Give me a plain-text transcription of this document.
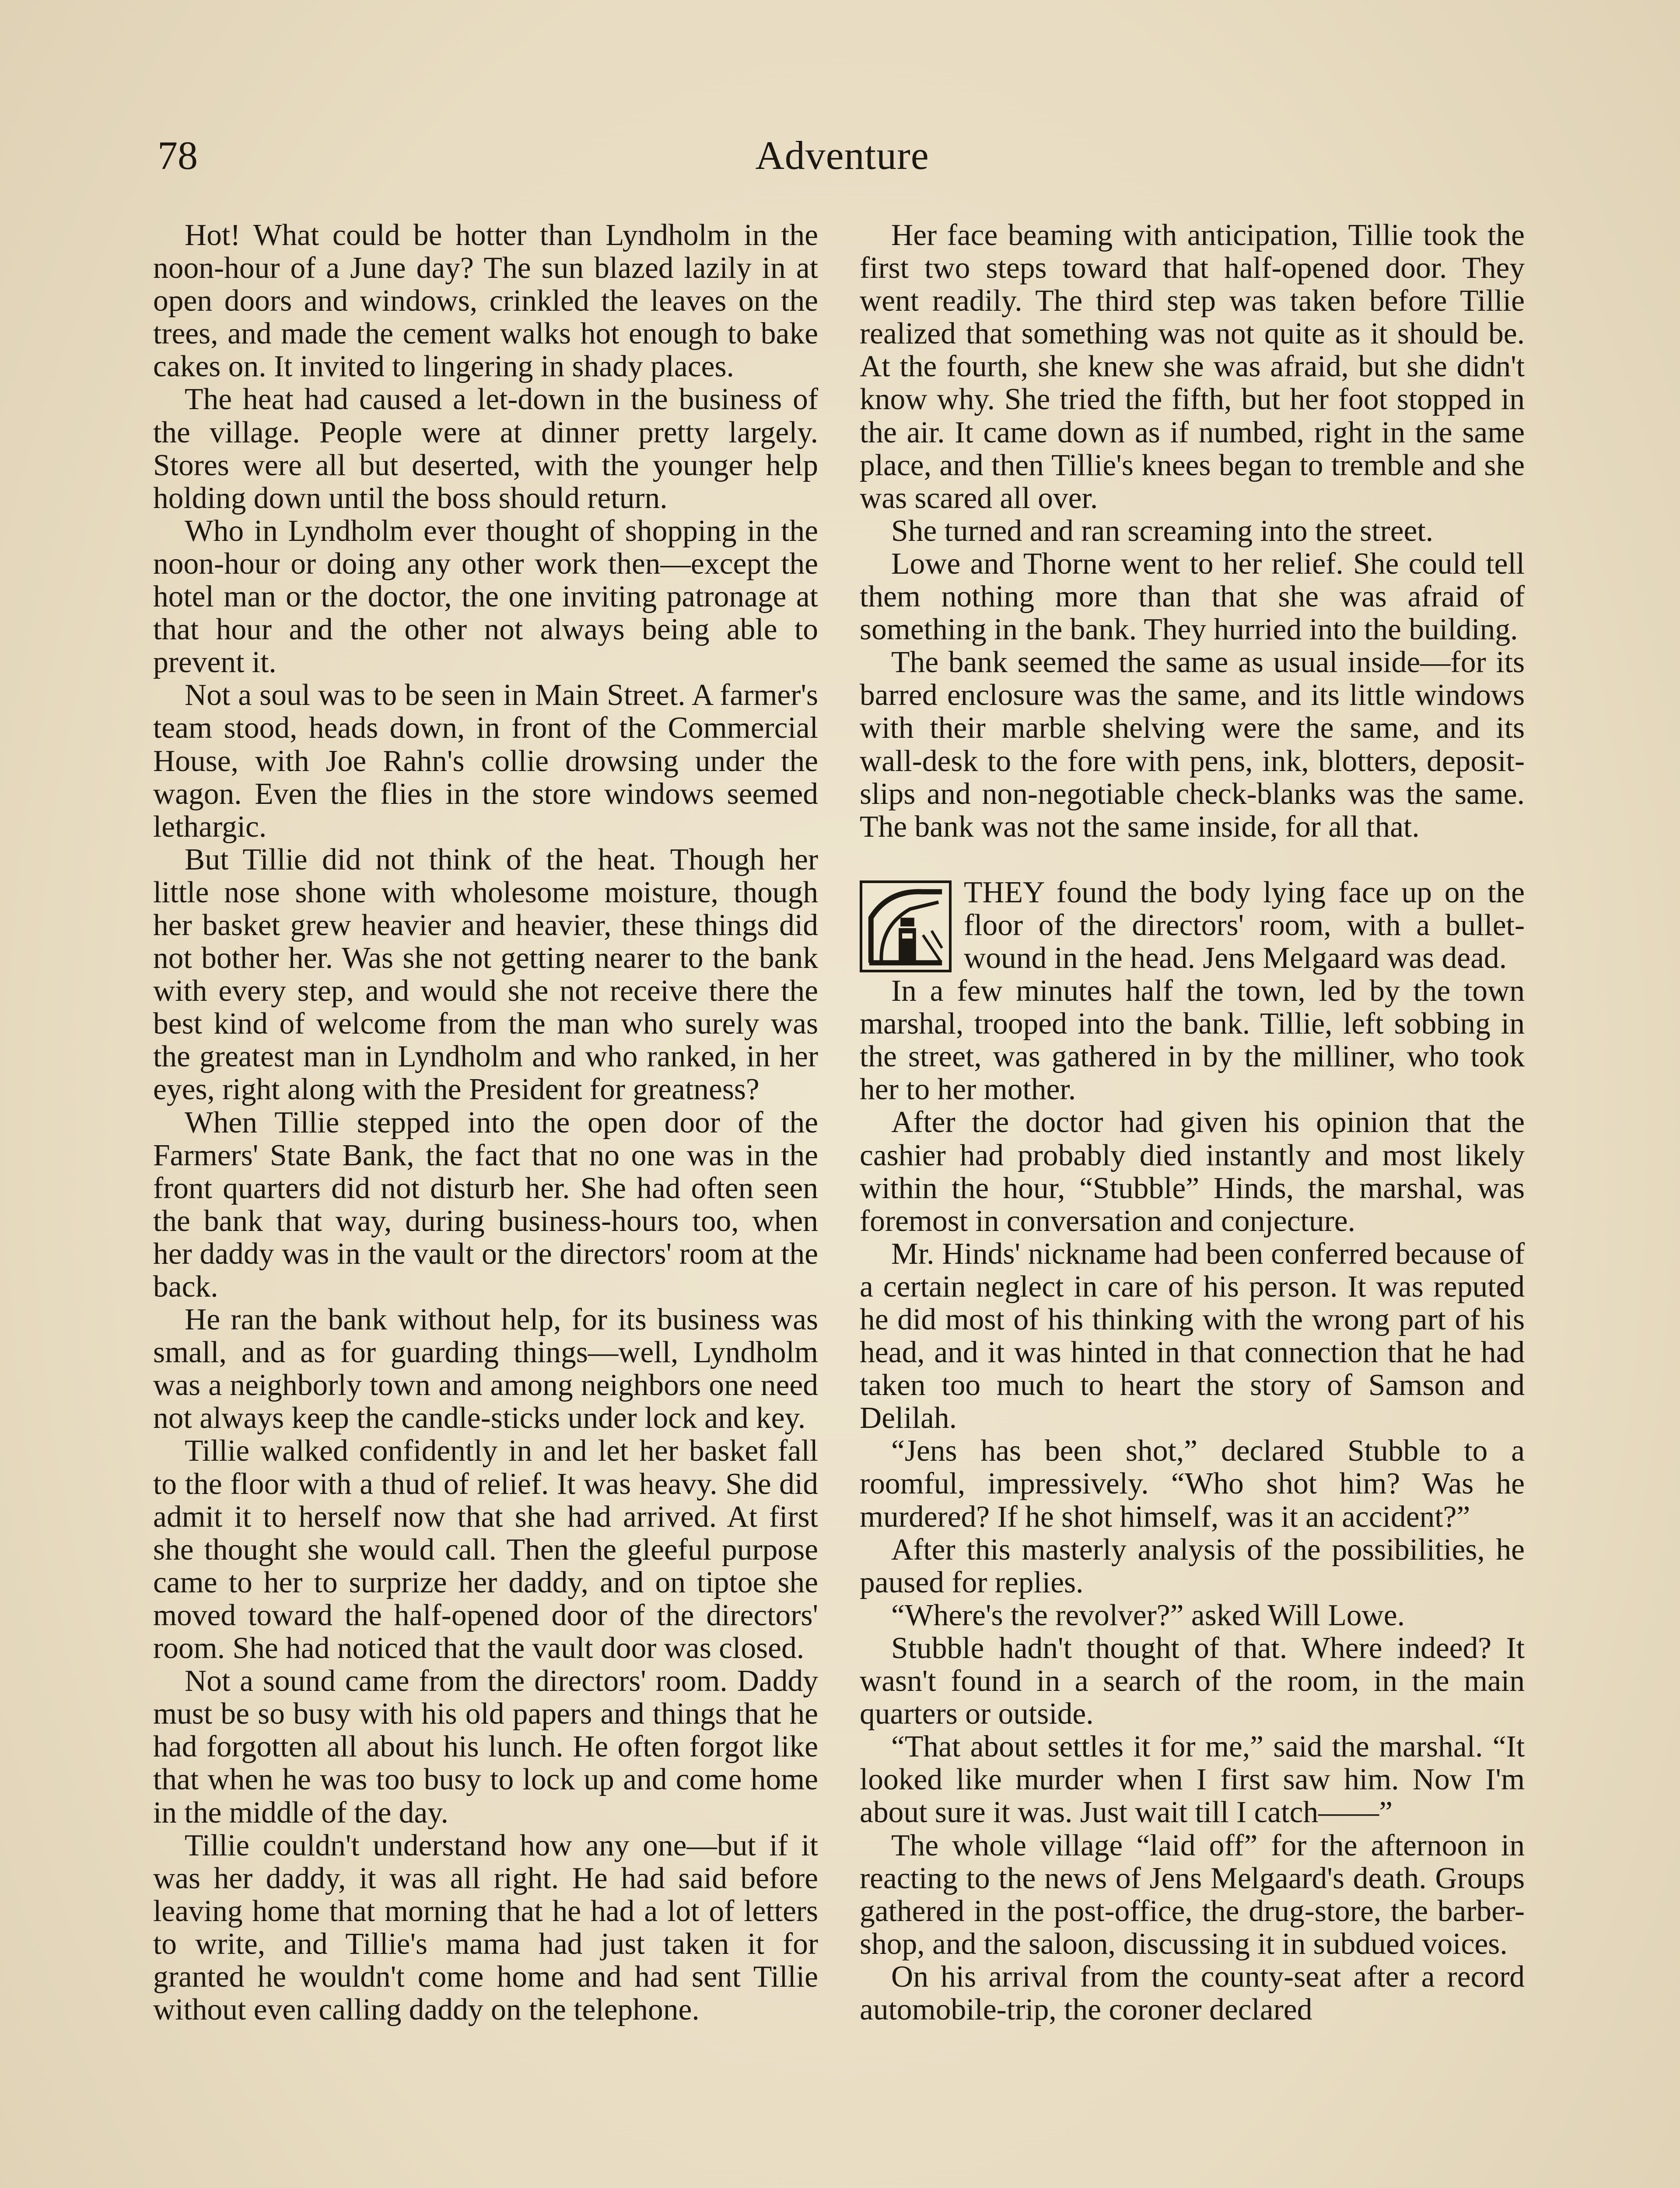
78	Adventure

Hot! What could be hotter than Lyndholm in the noon-hour of a June day? The sun blazed lazily in at open doors and windows, crinkled the leaves on the trees, and made the cement walks hot enough to bake cakes on. It invited to lingering in shady places.

The heat had caused a let-down in the business of the village. People were at dinner pretty largely. Stores were all but deserted, with the younger help holding down until the boss should return.

Who in Lyndholm ever thought of shopping in the noon-hour or doing any other work then—except the hotel man or the doctor, the one inviting patronage at that hour and the other not always being able to prevent it.

Not a soul was to be seen in Main Street. A farmer's team stood, heads down, in front of the Commercial House, with Joe Rahn's collie drowsing under the wagon. Even the flies in the store windows seemed lethargic.

But Tillie did not think of the heat. Though her little nose shone with wholesome moisture, though her basket grew heavier and heavier, these things did not bother her. Was she not getting nearer to the bank with every step, and would she not receive there the best kind of welcome from the man who surely was the greatest man in Lyndholm and who ranked, in her eyes, right along with the President for greatness?

When Tillie stepped into the open door of the Farmers' State Bank, the fact that no one was in the front quarters did not disturb her. She had often seen the bank that way, during business-hours too, when her daddy was in the vault or the directors' room at the back.

He ran the bank without help, for its business was small, and as for guarding things—well, Lyndholm was a neighborly town and among neighbors one need not always keep the candle-sticks under lock and key.

Tillie walked confidently in and let her basket fall to the floor with a thud of relief. It was heavy. She did admit it to herself now that she had arrived. At first she thought she would call. Then the gleeful purpose came to her to surprize her daddy, and on tiptoe she moved toward the half-opened door of the directors' room. She had noticed that the vault door was closed.

Not a sound came from the directors' room. Daddy must be so busy with his old papers and things that he had forgotten all about his lunch. He often forgot like that when he was too busy to lock up and come home in the middle of the day.

Tillie couldn't understand how any one—but if it was her daddy, it was all right. He had said before leaving home that morning that he had a lot of letters to write, and Tillie's mama had just taken it for granted he wouldn't come home and had sent Tillie without even calling daddy on the telephone.

Her face beaming with anticipation, Tillie took the first two steps toward that half-opened door. They went readily. The third step was taken before Tillie realized that something was not quite as it should be. At the fourth, she knew she was afraid, but she didn't know why. She tried the fifth, but her foot stopped in the air. It came down as if numbed, right in the same place, and then Tillie's knees began to tremble and she was scared all over.

She turned and ran screaming into the street.

Lowe and Thorne went to her relief. She could tell them nothing more than that she was afraid of something in the bank. They hurried into the building.

The bank seemed the same as usual inside—for its barred enclosure was the same, and its little windows with their marble shelving were the same, and its wall-desk to the fore with pens, ink, blotters, deposit-slips and non-negotiable check-blanks was the same. The bank was not the same inside, for all that.

THEY found the body lying face up on the floor of the directors' room, with a bullet-wound in the head. Jens Melgaard was dead.

In a few minutes half the town, led by the town marshal, trooped into the bank. Tillie, left sobbing in the street, was gathered in by the milliner, who took her to her mother.

After the doctor had given his opinion that the cashier had probably died instantly and most likely within the hour, “Stubble” Hinds, the marshal, was foremost in conversation and conjecture.

Mr. Hinds' nickname had been conferred because of a certain neglect in care of his person. It was reputed he did most of his thinking with the wrong part of his head, and it was hinted in that connection that he had taken too much to heart the story of Samson and Delilah.

“Jens has been shot,” declared Stubble to a roomful, impressively. “Who shot him? Was he murdered? If he shot himself, was it an accident?”

After this masterly analysis of the possibilities, he paused for replies.

“Where's the revolver?” asked Will Lowe.

Stubble hadn't thought of that. Where indeed? It wasn't found in a search of the room, in the main quarters or outside.

“That about settles it for me,” said the marshal. “It looked like murder when I first saw him. Now I'm about sure it was. Just wait till I catch——”

The whole village “laid off” for the afternoon in reacting to the news of Jens Melgaard's death. Groups gathered in the post-office, the drug-store, the barber-shop, and the saloon, discussing it in subdued voices.

On his arrival from the county-seat after a record automobile-trip, the coroner declared
